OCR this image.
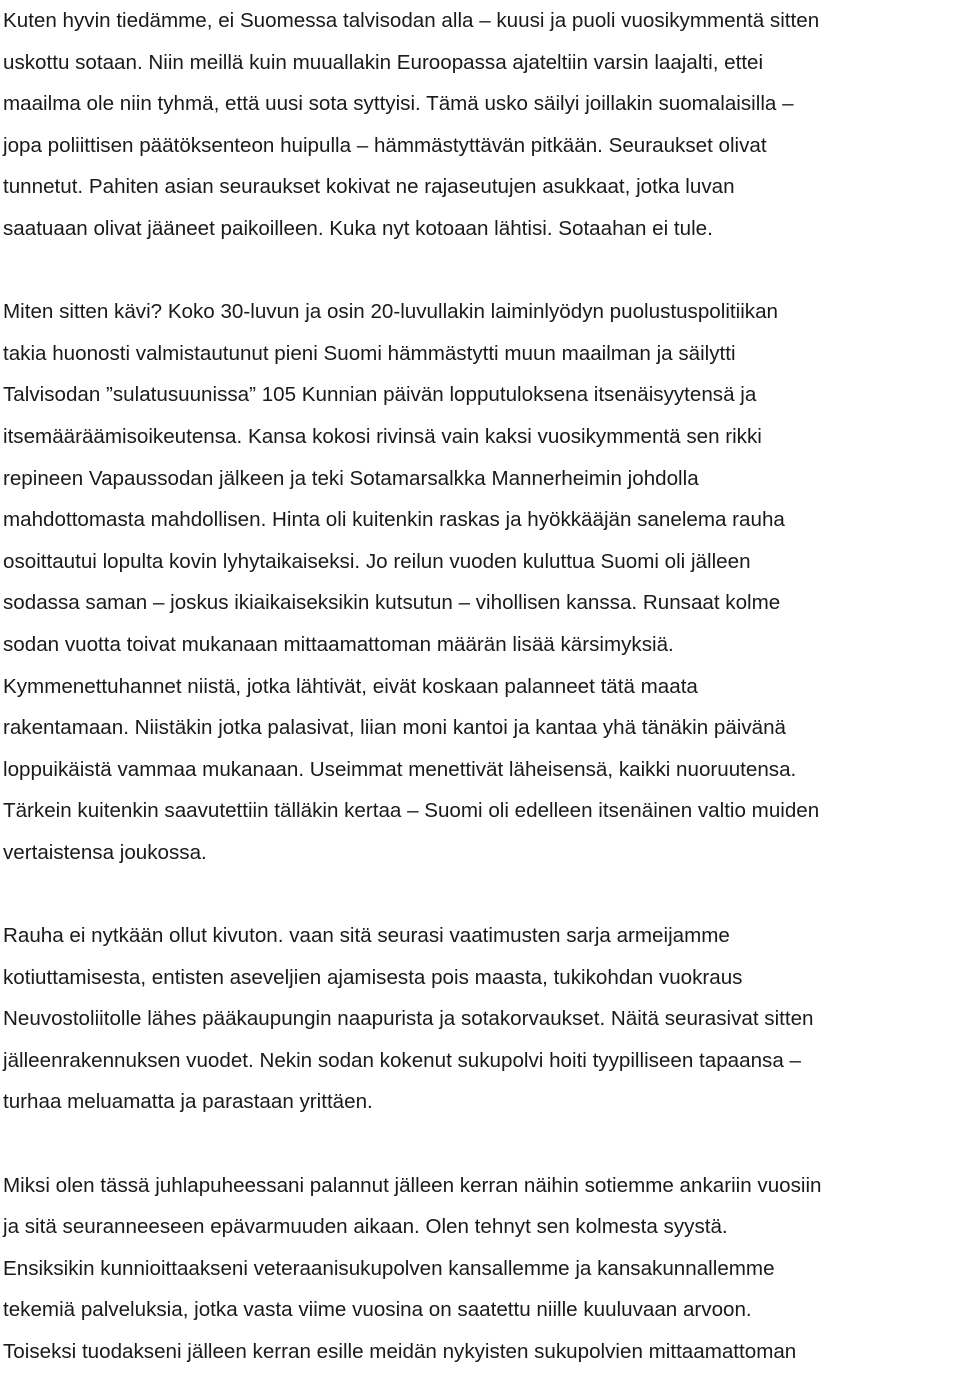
Kuten hyvin tiedämme, ei Suomessa talvisodan alla – kuusi ja puoli vuosikymmentä sitten
uskottu sotaan. Niin meillä kuin muuallakin Euroopassa ajateltiin varsin laajalti, ettei
maailma ole niin tyhmä, että uusi sota syttyisi. Tämä usko säilyi joillakin suomalaisilla –
jopa poliittisen päätöksenteon huipulla – hämmästyttävän pitkään. Seuraukset olivat
tunnetut. Pahiten asian seuraukset kokivat ne rajaseutujen asukkaat, jotka luvan
saatuaan olivat jääneet paikoilleen. Kuka nyt kotoaan lähtisi. Sotaahan ei tule.

Miten sitten kävi? Koko 30-luvun ja osin 20-luvullakin laiminlyödyn puolustuspolitiikan
takia huonosti valmistautunut pieni Suomi hämmästytti muun maailman ja säilytti
Talvisodan ”sulatusuunissa” 105 Kunnian päivän lopputuloksena itsenäisyytensä ja
itsemääräämisoikeutensa. Kansa kokosi rivinsä vain kaksi vuosikymmentä sen rikki
repineen Vapaussodan jälkeen ja teki Sotamarsalkka Mannerheimin johdolla
mahdottomasta mahdollisen. Hinta oli kuitenkin raskas ja hyökkääjän sanelema rauha
osoittautui lopulta kovin lyhytaikaiseksi. Jo reilun vuoden kuluttua Suomi oli jälleen
sodassa saman – joskus ikiaikaiseksikin kutsutun – vihollisen kanssa. Runsaat kolme
sodan vuotta toivat mukanaan mittaamattoman määrän lisää kärsimyksiä.
Kymmenettuhannet niistä, jotka lähtivät, eivät koskaan palanneet tätä maata
rakentamaan. Niistäkin jotka palasivat, liian moni kantoi ja kantaa yhä tänäkin päivänä
loppuikäistä vammaa mukanaan. Useimmat menettivät läheisensä, kaikki nuoruutensa.
Tärkein kuitenkin saavutettiin tälläkin kertaa – Suomi oli edelleen itsenäinen valtio muiden
vertaistensa joukossa.

Rauha ei nytkään ollut kivuton. vaan sitä seurasi vaatimusten sarja armeijamme
kotiuttamisesta, entisten aseveljien ajamisesta pois maasta, tukikohdan vuokraus
Neuvostoliitolle lähes pääkaupungin naapurista ja sotakorvaukset. Näitä seurasivat sitten
jälleenrakennuksen vuodet. Nekin sodan kokenut sukupolvi hoiti tyypilliseen tapaansa –
turhaa meluamatta ja parastaan yrittäen.

Miksi olen tässä juhlapuheessani palannut jälleen kerran näihin sotiemme ankariin vuosiin
ja sitä seuranneeseen epävarmuuden aikaan. Olen tehnyt sen kolmesta syystä.
Ensiksikin kunnioittaakseni veteraanisukupolven kansallemme ja kansakunnallemme
tekemiä palveluksia, jotka vasta viime vuosina on saatettu niille kuuluvaan arvoon.
Toiseksi tuodakseni jälleen kerran esille meidän nykyisten sukupolvien mittaamattoman
